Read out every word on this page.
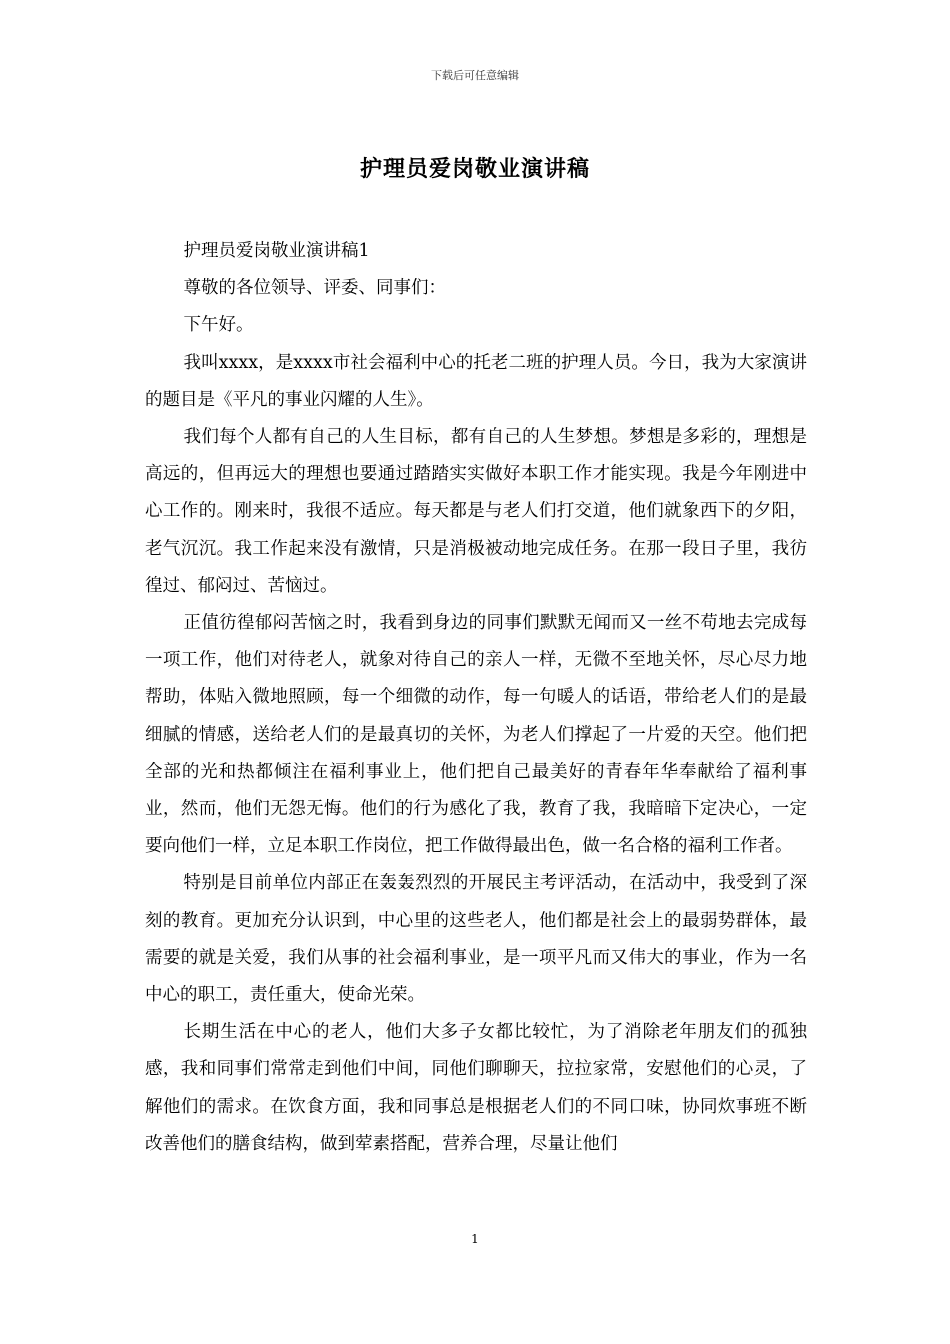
下载后可任意编辑
护理员爱岗敬业演讲稿

护理员爱岗敬业演讲稿1

尊敬的各位领导、评委、同事们：

下午好。

我叫xxxx，是xxxx市社会福利中心的托老二班的护理人员。今日，我为大家演讲的题目是《平凡的事业闪耀的人生》。

我们每个人都有自己的人生目标，都有自己的人生梦想。梦想是多彩的，理想是高远的，但再远大的理想也要通过踏踏实实做好本职工作才能实现。我是今年刚进中心工作的。刚来时，我很不适应。每天都是与老人们打交道，他们就象西下的夕阳，老气沉沉。我工作起来没有激情，只是消极被动地完成任务。在那一段日子里，我彷徨过、郁闷过、苦恼过。

正值彷徨郁闷苦恼之时，我看到身边的同事们默默无闻而又一丝不苟地去完成每一项工作，他们对待老人，就象对待自己的亲人一样，无微不至地关怀，尽心尽力地帮助，体贴入微地照顾，每一个细微的动作，每一句暖人的话语，带给老人们的是最细腻的情感，送给老人们的是最真切的关怀，为老人们撑起了一片爱的天空。他们把全部的光和热都倾注在福利事业上，他们把自己最美好的青春年华奉献给了福利事业，然而，他们无怨无悔。他们的行为感化了我，教育了我，我暗暗下定决心，一定要向他们一样，立足本职工作岗位，把工作做得最出色，做一名合格的福利工作者。

特别是目前单位内部正在轰轰烈烈的开展民主考评活动，在活动中，我受到了深刻的教育。更加充分认识到，中心里的这些老人，他们都是社会上的最弱势群体，最需要的就是关爱，我们从事的社会福利事业，是一项平凡而又伟大的事业，作为一名中心的职工，责任重大，使命光荣。

长期生活在中心的老人，他们大多子女都比较忙，为了消除老年朋友们的孤独感，我和同事们常常走到他们中间，同他们聊聊天，拉拉家常，安慰他们的心灵，了解他们的需求。在饮食方面，我和同事总是根据老人们的不同口味，协同炊事班不断改善他们的膳食结构，做到荤素搭配，营养合理，尽量让他们

1
